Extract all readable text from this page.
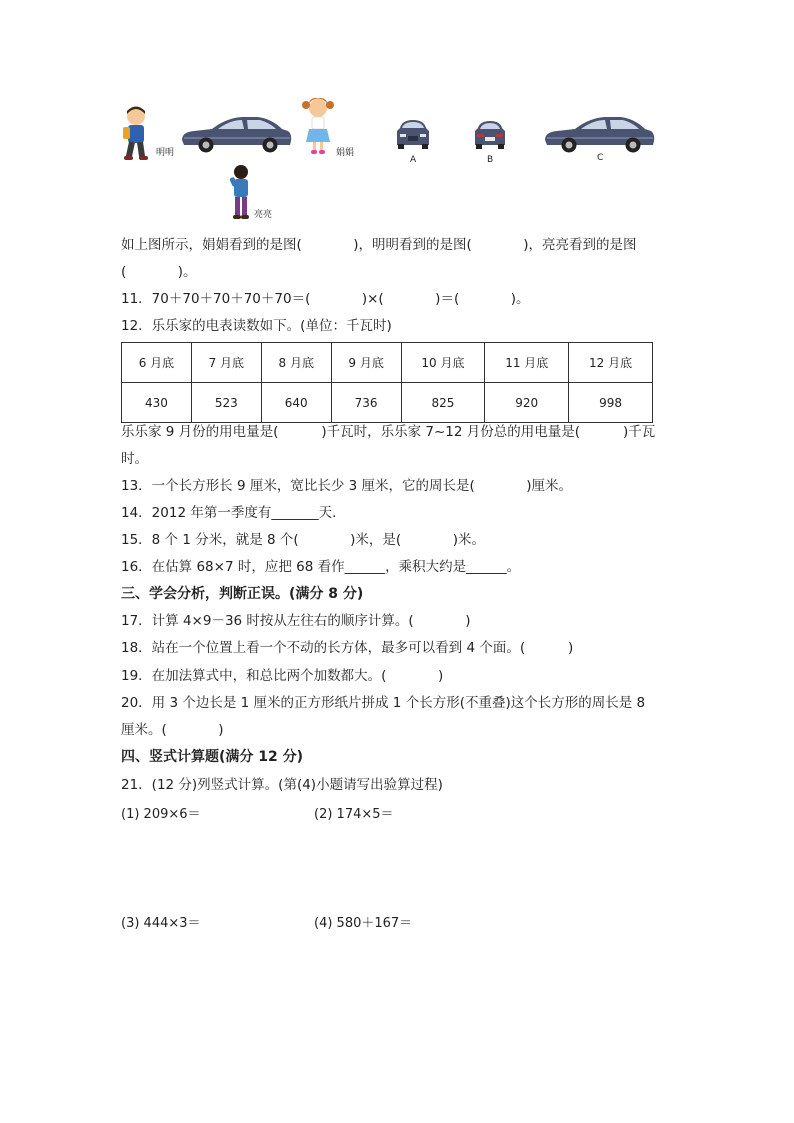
明明	娟娟
A	B	C
亮亮
如上图所示，娟娟看到的是图(            )，明明看到的是图(            )，亮亮看到的是图
(            )。
11．70＋70＋70＋70＋70＝(            )×(            )＝(            )。
12．乐乐家的电表读数如下。(单位：千瓦时)
6 月底	7 月底	8 月底	9 月底	10 月底	11 月底	12 月底
430	523	640	736	825	920	998
乐乐家 9 月份的用电量是(          )千瓦时，乐乐家 7~12 月份总的用电量是(          )千瓦
时。
13．一个长方形长 9 厘米，宽比长少 3 厘米，它的周长是(            )厘米。
14．2012 年第一季度有_______天．
15．8 个 1 分米，就是 8 个(            )米，是(            )米。
16．在估算 68×7 时，应把 68 看作______，乘积大约是______。
三、学会分析，判断正误。(满分 8 分)
17．计算 4×9－36 时按从左往右的顺序计算。(            )
18．站在一个位置上看一个不动的长方体，最多可以看到 4 个面。(          )
19．在加法算式中，和总比两个加数都大。(            )
20．用 3 个边长是 1 厘米的正方形纸片拼成 1 个长方形(不重叠)这个长方形的周长是 8
厘米。(            )
四、竖式计算题(满分 12 分)
21．(12 分)列竖式计算。(第(4)小题请写出验算过程)
(1) 209×6＝	(2) 174×5＝
(3) 444×3＝	(4) 580＋167＝
